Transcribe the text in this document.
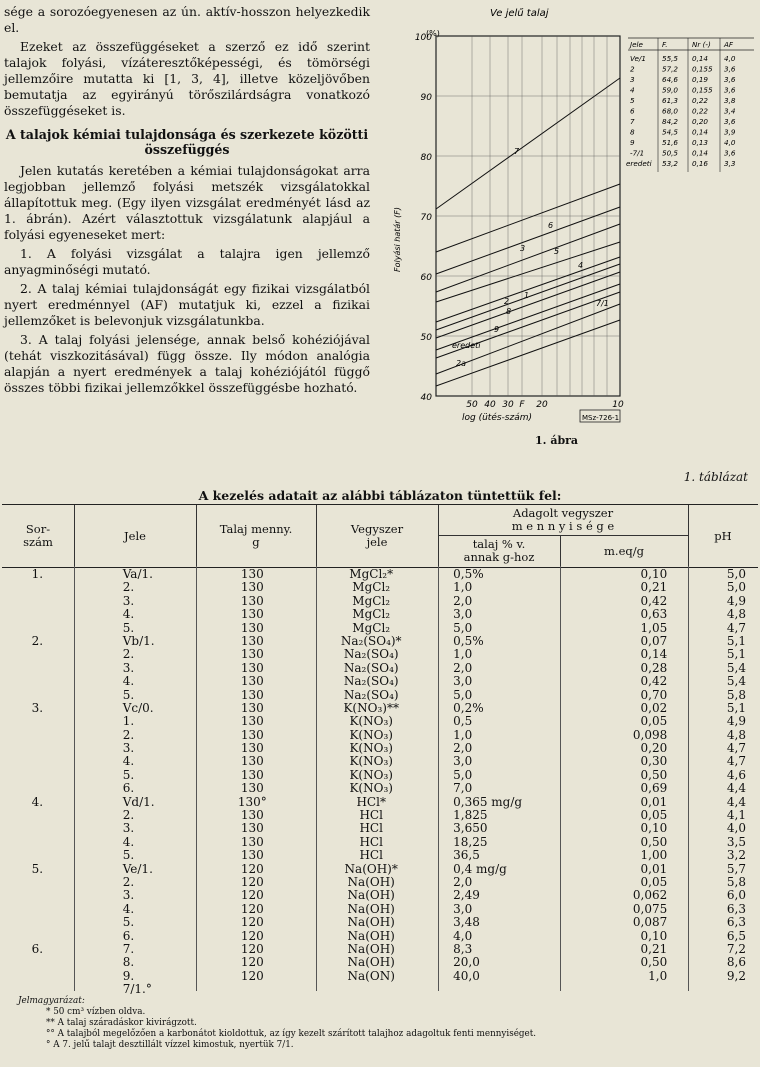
sége a sorozóegyenesen az ún. aktív-hosszon helyezkedik el.

Ezeket az összefüggéseket a szerző ez idő szerint talajok folyási, vízáteresztőképességi, és tömörségi jellemzőire mutatta ki [1, 3, 4], illetve közeljövőben bemutatja az egyirányú törőszilárdságra vonatkozó összefüggéseket is.

A talajok kémiai tulajdonsága és szerkezete közötti összefüggés

Jelen kutatás keretében a kémiai tulajdonságokat arra legjobban jellemző folyási metszék vizsgálatokkal állapítottuk meg. (Egy ilyen vizsgálat eredményét lásd az 1. ábrán). Azért választottuk vizsgálatunk alapjául a folyási egyeneseket mert:

1. A folyási vizsgálat a talajra igen jellemző anyagminőségi mutató.

2. A talaj kémiai tulajdonságát egy fizikai vizsgálatból nyert eredménnyel (AF) mutatjuk ki, ezzel a fizikai jellemzőket is belevonjuk vizsgálatunkba.

3. A talaj folyási jelensége, annak belső kohéziójával (tehát viszkozitásával) függ össze. Ily módon analógia alapján a nyert eredmények a talaj kohéziójától függő összes többi fizikai jellemzőkkel összefüggésbe hozható.

Ve jelű talaj
(%)
100
90
80
70
60
50
40
Folyási határ (F)
50 40 30 F 20	10
log (ütés-szám)	MSz-726-1
7
6
3	5
4
2
1
8
9
7/1
eredeti
2a
Jele	F.	Nr (-) AF
Ve/1 55,5 0,14 4,0
2	57,2 0,155 3,6
3	64,6 0,19 3,6
4	59,0 0,155 3,6
5	61,3 0,22 3,8
6	68,0 0,22 3,4
7	84,2 0,20 3,6
8	54,5 0,14 3,9
9	51,6 0,13 4,0
-7/1 50,5 0,14 3,6
eredeti 53,2 0,16 3,3
1. ábra
1. táblázat
A kezelés adatait az alábbi táblázaton tüntettük fel:
Sor-
szám	Jele	Talaj menny.
g
Vegyszer
jele
Adagolt vegyszer
m e n n y i s é g e
talaj % v.
annak g-hoz	m.eq/g
pH
1.	Va/1.	130	MgCl₂*	0,5%	0,10	5,0
2.	130	MgCl₂	1,0	0,21	5,0
3.	130	MgCl₂	2,0	0,42	4,9
4.	130	MgCl₂	3,0	0,63	4,8
5.	130	MgCl₂	5,0	1,05	4,7
2.	Vb/1.	130	Na₂(SO₄)*	0,5%	0,07	5,1
2.	130	Na₂(SO₄)	1,0	0,14	5,1
3.	130	Na₂(SO₄)	2,0	0,28	5,4
4.	130	Na₂(SO₄)	3,0	0,42	5,4
5.	130	Na₂(SO₄)	5,0	0,70	5,8
3.	Vc/0.	130	K(NO₃)**	0,2%	0,02	5,1
1.	130	K(NO₃)	0,5	0,05	4,9
2.	130	K(NO₃)	1,0	0,098	4,8
3.	130	K(NO₃)	2,0	0,20	4,7
4.	130	K(NO₃)	3,0	0,30	4,7
5.	130	K(NO₃)	5,0	0,50	4,6
6.	130	K(NO₃)	7,0	0,69	4,4
4.	Vd/1.	130°	HCl*	0,365 mg/g	0,01	4,4
2.	130	HCl	1,825	0,05	4,1
3.	130	HCl	3,650	0,10	4,0
4.	130	HCl	18,25	0,50	3,5
5.	130	HCl	36,5	1,00	3,2
5.	Ve/1.	120	Na(OH)*	0,4 mg/g	0,01	5,7
2.	120	Na(OH)	2,0	0,05	5,8
3.	120	Na(OH)	2,49	0,062	6,0
4.	120	Na(OH)	3,0	0,075	6,3
5.	120	Na(OH)	3,48	0,087	6,3
6.	120	Na(OH)	4,0	0,10	6,5
6.	7.	120	Na(OH)	8,3	0,21	7,2
8.	120	Na(OH)	20,0	0,50	8,6
9.	120	Na(ON)	40,0	1,0	9,2
7/1.°
Jelmagyarázat:
* 50 cm³ vízben oldva.
** A talaj száradáskor kivirágzott.
°° A talajból megelőzően a karbonátot kioldottuk, az így kezelt szárított talajhoz adagoltuk fenti mennyiséget.
° A 7. jelű talajt desztillált vízzel kimostuk, nyertük 7/1.
